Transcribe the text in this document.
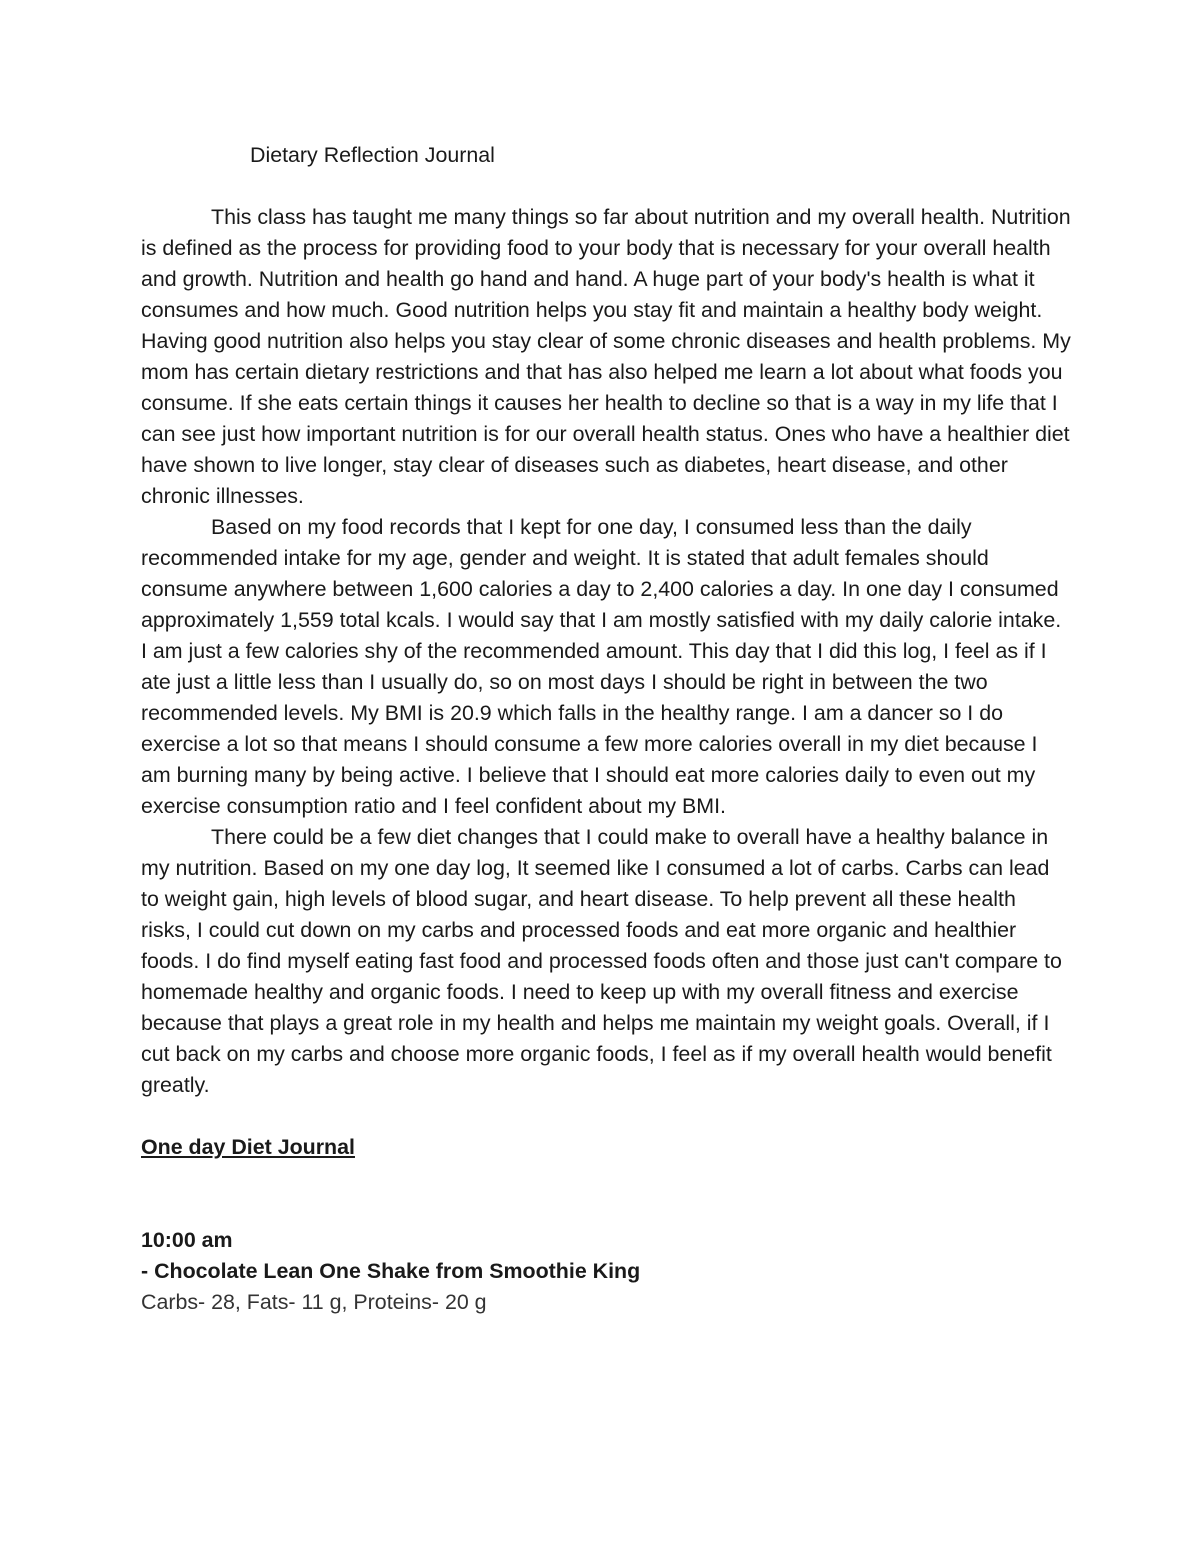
Dietary Reflection Journal

This class has taught me many things so far about nutrition and my overall health. Nutrition is defined as the process for providing food to your body that is necessary for your overall health and growth. Nutrition and health go hand and hand. A huge part of your body's health is what it consumes and how much. Good nutrition helps you stay fit and maintain a healthy body weight. Having good nutrition also helps you stay clear of some chronic diseases and health problems. My mom has certain dietary restrictions and that has also helped me learn a lot about what foods you consume. If she eats certain things it causes her health to decline so that is a way in my life that I can see just how important nutrition is for our overall health status. Ones who have a healthier diet have shown to live longer, stay clear of diseases such as diabetes, heart disease, and other chronic illnesses.

Based on my food records that I kept for one day, I consumed less than the daily recommended intake for my age, gender and weight. It is stated that adult females should consume anywhere between 1,600 calories a day to 2,400 calories a day. In one day I consumed approximately 1,559 total kcals. I would say that I am mostly satisfied with my daily calorie intake. I am just a few calories shy of the recommended amount. This day that I did this log, I feel as if I ate just a little less than I usually do, so on most days I should be right in between the two recommended levels. My BMI is 20.9 which falls in the healthy range. I am a dancer so I do exercise a lot so that means I should consume a few more calories overall in my diet because I am burning many by being active. I believe that I should eat more calories daily to even out my exercise consumption ratio and I feel confident about my BMI.

There could be a few diet changes that I could make to overall have a healthy balance in my nutrition. Based on my one day log, It seemed like I consumed a lot of carbs. Carbs can lead to weight gain, high levels of blood sugar, and heart disease. To help prevent all these health risks, I could cut down on my carbs and processed foods and eat more organic and healthier foods. I do find myself eating fast food and processed foods often and those just can't compare to homemade healthy and organic foods. I need to keep up with my overall fitness and exercise because that plays a great role in my health and helps me maintain my weight goals. Overall, if I cut back on my carbs and choose more organic foods, I feel as if my overall health would benefit greatly.

One day Diet Journal
10:00 am
- Chocolate Lean One Shake from Smoothie King
Carbs- 28, Fats- 11 g, Proteins- 20 g
